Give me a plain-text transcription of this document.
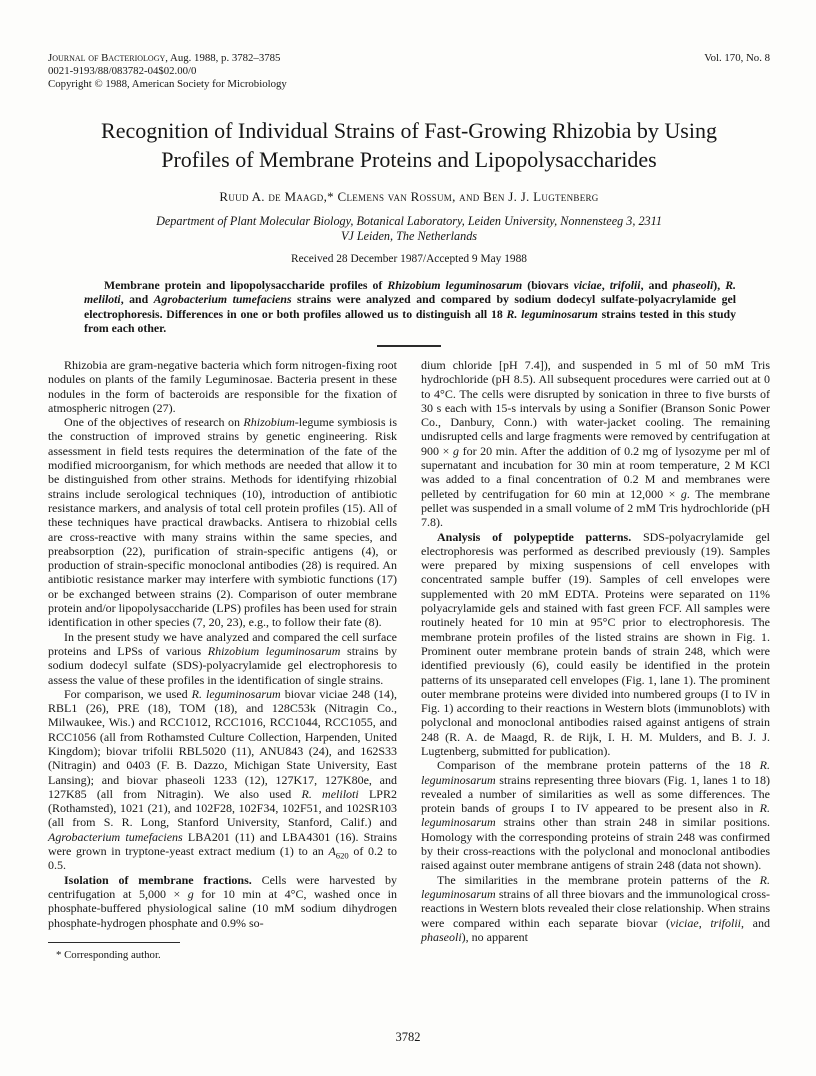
Journal of Bacteriology, Aug. 1988, p. 3782–3785
0021-9193/88/083782-04$02.00/0
Copyright © 1988, American Society for Microbiology
Vol. 170, No. 8
Recognition of Individual Strains of Fast-Growing Rhizobia by Using Profiles of Membrane Proteins and Lipopolysaccharides
Ruud A. de Maagd,* Clemens van Rossum, and Ben J. J. Lugtenberg
Department of Plant Molecular Biology, Botanical Laboratory, Leiden University, Nonnensteeg 3, 2311 VJ Leiden, The Netherlands
Received 28 December 1987/Accepted 9 May 1988

Membrane protein and lipopolysaccharide profiles of Rhizobium leguminosarum (biovars viciae, trifolii, and phaseoli), R. meliloti, and Agrobacterium tumefaciens strains were analyzed and compared by sodium dodecyl sulfate-polyacrylamide gel electrophoresis. Differences in one or both profiles allowed us to distinguish all 18 R. leguminosarum strains tested in this study from each other.

Rhizobia are gram-negative bacteria which form nitrogen-fixing root nodules on plants of the family Leguminosae. Bacteria present in these nodules in the form of bacteroids are responsible for the fixation of atmospheric nitrogen (27).

One of the objectives of research on Rhizobium-legume symbiosis is the construction of improved strains by genetic engineering. Risk assessment in field tests requires the determination of the fate of the modified microorganism, for which methods are needed that allow it to be distinguished from other strains. Methods for identifying rhizobial strains include serological techniques (10), introduction of antibiotic resistance markers, and analysis of total cell protein profiles (15). All of these techniques have practical drawbacks. Antisera to rhizobial cells are cross-reactive with many strains within the same species, and preabsorption (22), purification of strain-specific antigens (4), or production of strain-specific monoclonal antibodies (28) is required. An antibiotic resistance marker may interfere with symbiotic functions (17) or be exchanged between strains (2). Comparison of outer membrane protein and/or lipopolysaccharide (LPS) profiles has been used for strain identification in other species (7, 20, 23), e.g., to follow their fate (8).

In the present study we have analyzed and compared the cell surface proteins and LPSs of various Rhizobium leguminosarum strains by sodium dodecyl sulfate (SDS)-polyacrylamide gel electrophoresis to assess the value of these profiles in the identification of single strains.

For comparison, we used R. leguminosarum biovar viciae 248 (14), RBL1 (26), PRE (18), TOM (18), and 128C53k (Nitragin Co., Milwaukee, Wis.) and RCC1012, RCC1016, RCC1044, RCC1055, and RCC1056 (all from Rothamsted Culture Collection, Harpenden, United Kingdom); biovar trifolii RBL5020 (11), ANU843 (24), and 162S33 (Nitragin) and 0403 (F. B. Dazzo, Michigan State University, East Lansing); and biovar phaseoli 1233 (12), 127K17, 127K80e, and 127K85 (all from Nitragin). We also used R. meliloti LPR2 (Rothamsted), 1021 (21), and 102F28, 102F34, 102F51, and 102SR103 (all from S. R. Long, Stanford University, Stanford, Calif.) and Agrobacterium tumefaciens LBA201 (11) and LBA4301 (16). Strains were grown in tryptone-yeast extract medium (1) to an $A_{620}$ of 0.2 to 0.5.

Isolation of membrane fractions. Cells were harvested by centrifugation at 5,000 × g for 10 min at 4°C, washed once in phosphate-buffered physiological saline (10 mM sodium dihydrogen phosphate-hydrogen phosphate and 0.9% so-

* Corresponding author.

dium chloride [pH 7.4]), and suspended in 5 ml of 50 mM Tris hydrochloride (pH 8.5). All subsequent procedures were carried out at 0 to 4°C. The cells were disrupted by sonication in three to five bursts of 30 s each with 15-s intervals by using a Sonifier (Branson Sonic Power Co., Danbury, Conn.) with water-jacket cooling. The remaining undisrupted cells and large fragments were removed by centrifugation at 900 × g for 20 min. After the addition of 0.2 mg of lysozyme per ml of supernatant and incubation for 30 min at room temperature, 2 M KCl was added to a final concentration of 0.2 M and membranes were pelleted by centrifugation for 60 min at 12,000 × g. The membrane pellet was suspended in a small volume of 2 mM Tris hydrochloride (pH 7.8).

Analysis of polypeptide patterns. SDS-polyacrylamide gel electrophoresis was performed as described previously (19). Samples were prepared by mixing suspensions of cell envelopes with concentrated sample buffer (19). Samples of cell envelopes were supplemented with 20 mM EDTA. Proteins were separated on 11% polyacrylamide gels and stained with fast green FCF. All samples were routinely heated for 10 min at 95°C prior to electrophoresis. The membrane protein profiles of the listed strains are shown in Fig. 1. Prominent outer membrane protein bands of strain 248, which were identified previously (6), could easily be identified in the protein patterns of its unseparated cell envelopes (Fig. 1, lane 1). The prominent outer membrane proteins were divided into numbered groups (I to IV in Fig. 1) according to their reactions in Western blots (immunoblots) with polyclonal and monoclonal antibodies raised against antigens of strain 248 (R. A. de Maagd, R. de Rijk, I. H. M. Mulders, and B. J. J. Lugtenberg, submitted for publication).

Comparison of the membrane protein patterns of the 18 R. leguminosarum strains representing three biovars (Fig. 1, lanes 1 to 18) revealed a number of similarities as well as some differences. The protein bands of groups I to IV appeared to be present also in R. leguminosarum strains other than strain 248 in similar positions. Homology with the corresponding proteins of strain 248 was confirmed by their cross-reactions with the polyclonal and monoclonal antibodies raised against outer membrane antigens of strain 248 (data not shown).

The similarities in the membrane protein patterns of the R. leguminosarum strains of all three biovars and the immunological cross-reactions in Western blots revealed their close relationship. When strains were compared within each separate biovar (viciae, trifolii, and phaseoli), no apparent

3782
